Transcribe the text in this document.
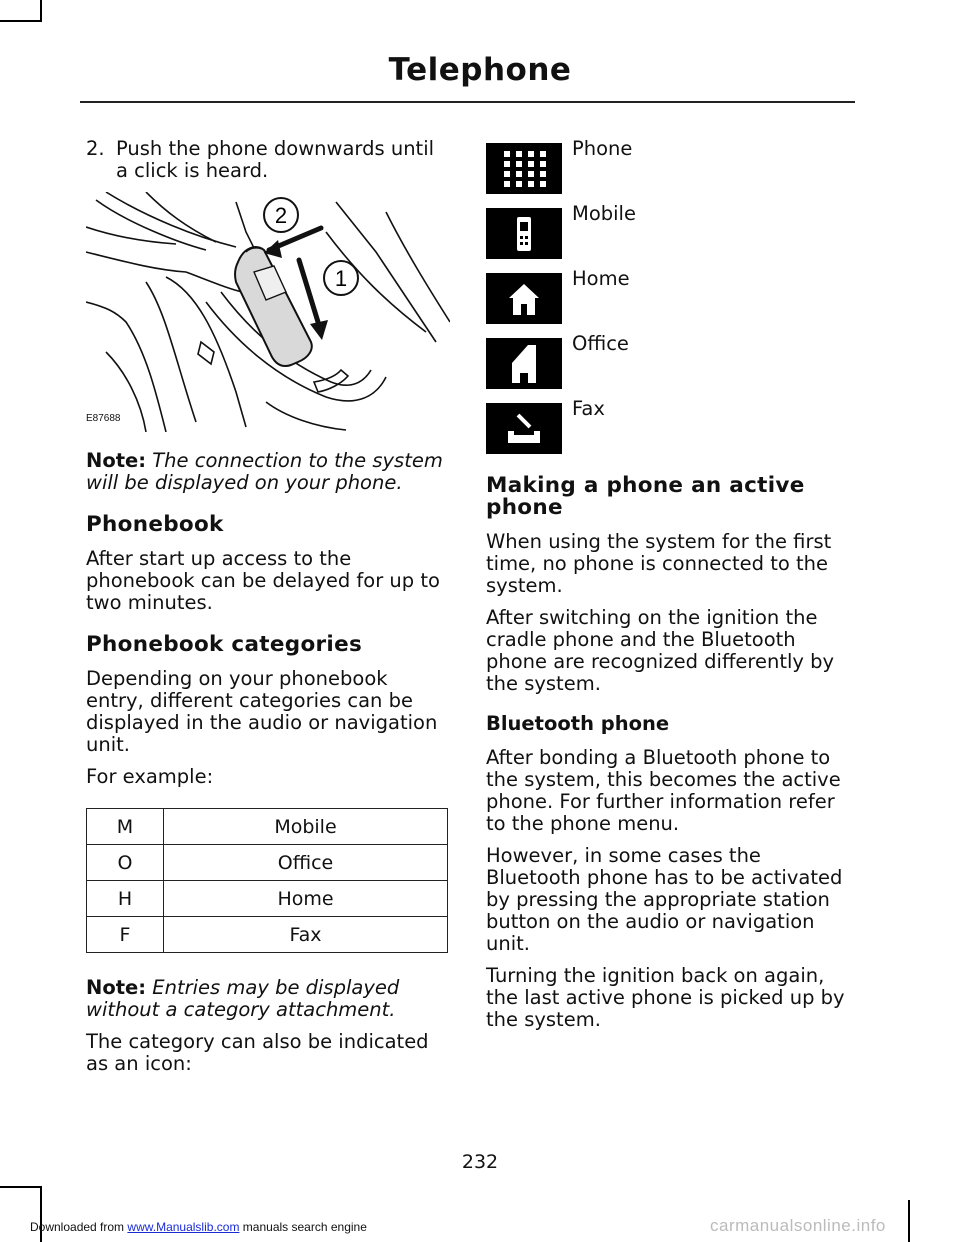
Telephone
2. Push the phone downwards until a click is heard.
2
1
E87688

Note: The connection to the system will be displayed on your phone.

Phonebook

After start up access to the phonebook can be delayed for up to two minutes.

Phonebook categories

Depending on your phonebook entry, different categories can be displayed in the audio or navigation unit.

For example:

M	Mobile
O	Office
H	Home
F	Fax

Note: Entries may be displayed without a category attachment.

The category can also be indicated as an icon:

Phone
Mobile
Home
Office
Fax
Making a phone an active phone

When using the system for the first time, no phone is connected to the system.

After switching on the ignition the cradle phone and the Bluetooth phone are recognized differently by the system.

Bluetooth phone

After bonding a Bluetooth phone to the system, this becomes the active phone. For further information refer to the phone menu.

However, in some cases the Bluetooth phone has to be activated by pressing the appropriate station button on the audio or navigation unit.

Turning the ignition back on again, the last active phone is picked up by the system.

232
Downloaded from www.Manualslib.com manuals search engine	carmanualsonline.info
